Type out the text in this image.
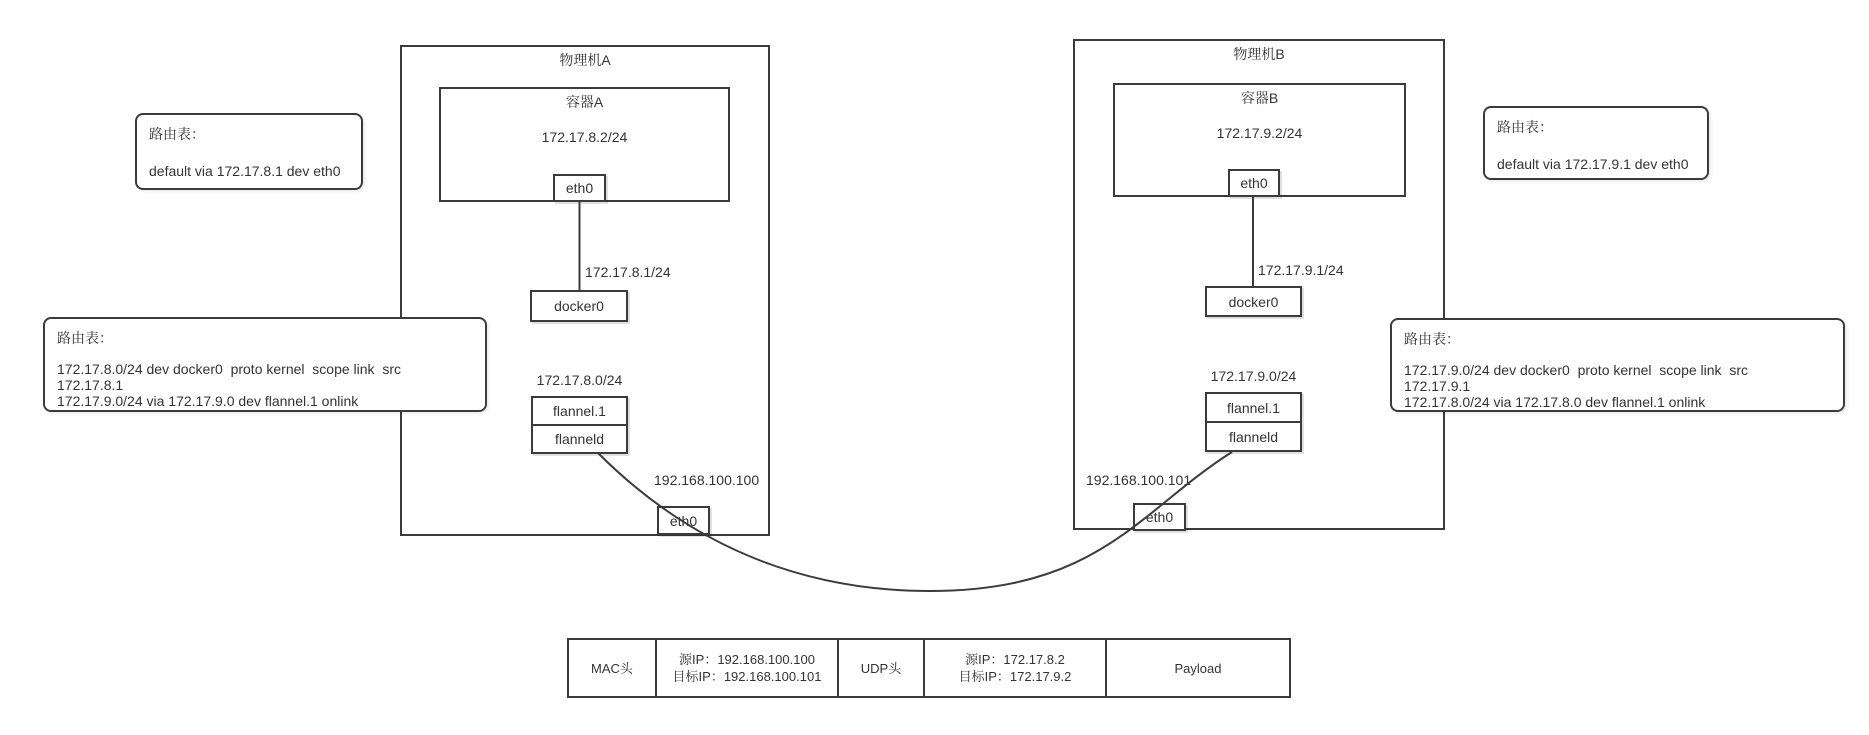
物理机A
容器A
172.17.8.2/24
eth0
172.17.8.1/24
docker0
172.17.8.0/24
flannel.1
flanneld
192.168.100.100
eth0
物理机B
容器B
172.17.9.2/24
eth0
172.17.9.1/24
docker0
172.17.9.0/24
flannel.1
flanneld
192.168.100.101
eth0
路由表：
default via 172.17.8.1 dev eth0
路由表：
default via 172.17.9.1 dev eth0
路由表：
172.17.8.0/24 dev docker0  proto kernel  scope link  src
172.17.8.1
172.17.9.0/24 via 172.17.9.0 dev flannel.1 onlink
路由表：
172.17.9.0/24 dev docker0  proto kernel  scope link  src
172.17.9.1
172.17.8.0/24 via 172.17.8.0 dev flannel.1 onlink
MAC头
源IP：192.168.100.100
目标IP：192.168.100.101
UDP头
源IP：172.17.8.2
目标IP：172.17.9.2
Payload
